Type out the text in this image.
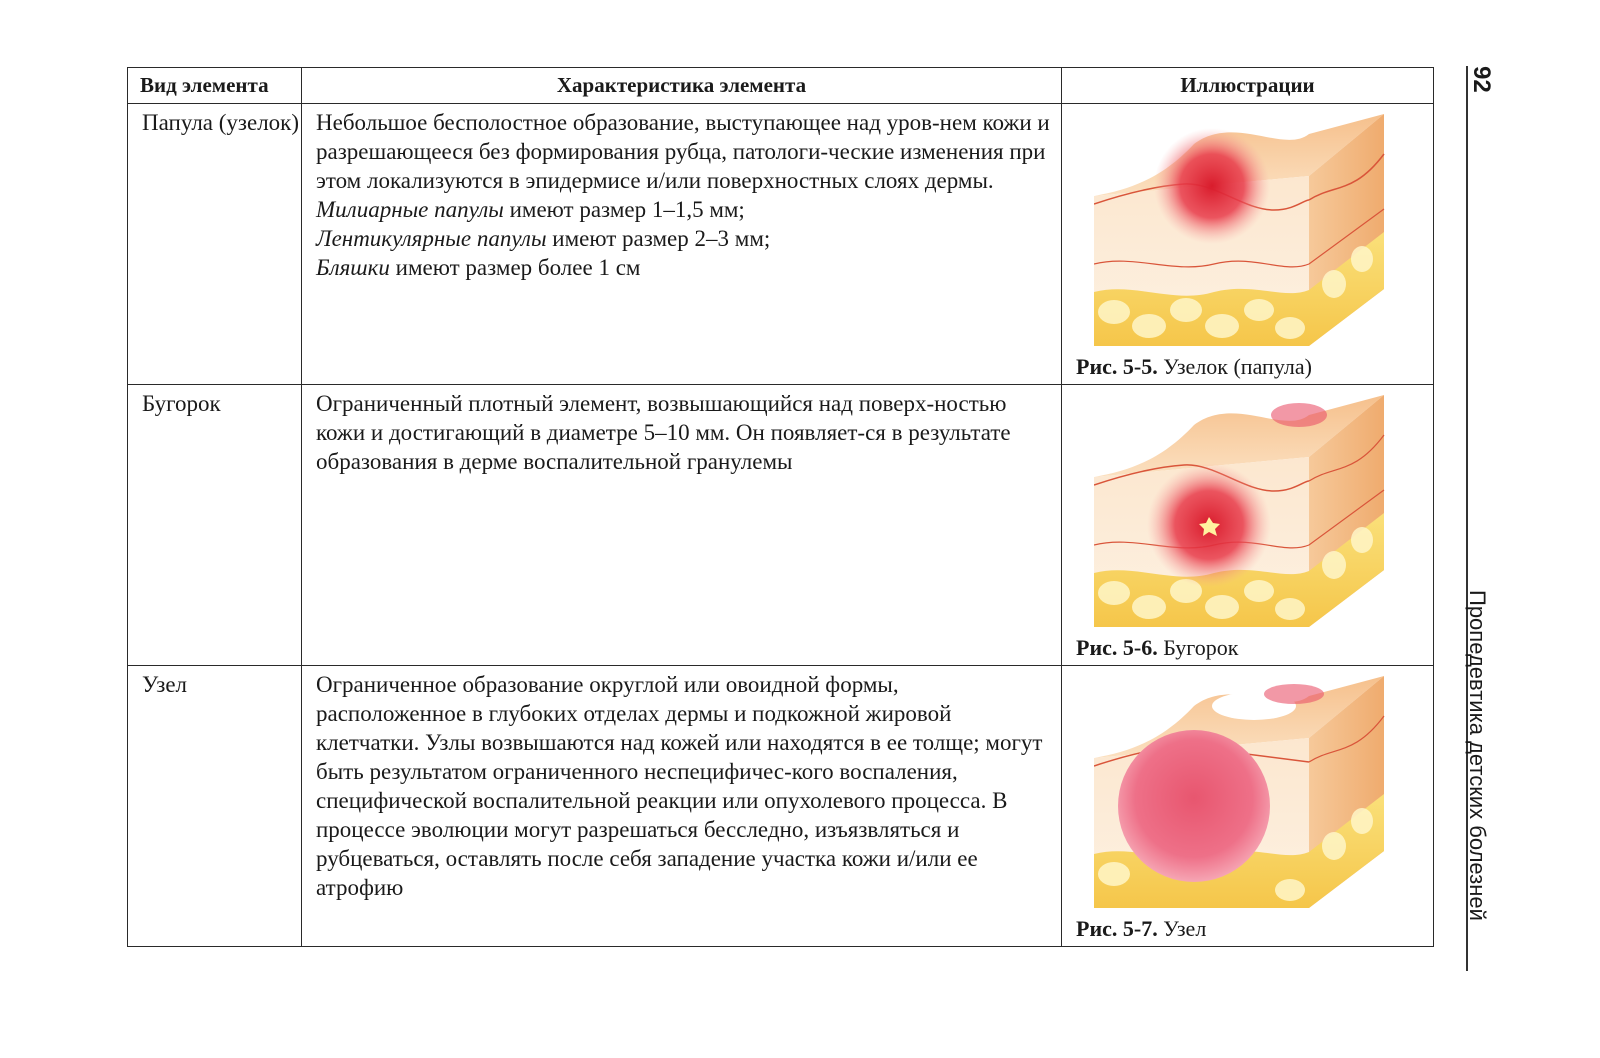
Вид элемента	Характеристика элемента	Иллюстрации
Папула (узелок)	Небольшое бесполостное образование, выступающее над уров-нем кожи и разрешающееся без формирования рубца, патологи-ческие изменения при этом локализуются в эпидермисе и/или поверхностных слоях дермы.

Милиарные папулы имеют размер 1–1,5 мм;

Лентикулярные папулы имеют размер 2–3 мм;

Бляшки имеют размер более 1 см	Рис. 5-5. Узелок (папула)

Бугорок	Ограниченный плотный элемент, возвышающийся над поверх-ностью кожи и достигающий в диаметре 5–10 мм. Он появляет-ся в результате образования в дерме воспалительной гранулемы	Рис. 5-6. Бугорок

Узел	Ограниченное образование округлой или овоидной формы, расположенное в глубоких отделах дермы и подкожной жировой клетчатки. Узлы возвышаются над кожей или находятся в ее толще; могут быть результатом ограниченного неспецифичес-кого воспаления, специфической воспалительной реакции или опухолевого процесса. В процессе эволюции могут разрешаться бесследно, изъязвляться и рубцеваться, оставлять после себя западение участка кожи и/или ее атрофию	Рис. 5-7. Узел
92
Пропедевтика детских болезней
